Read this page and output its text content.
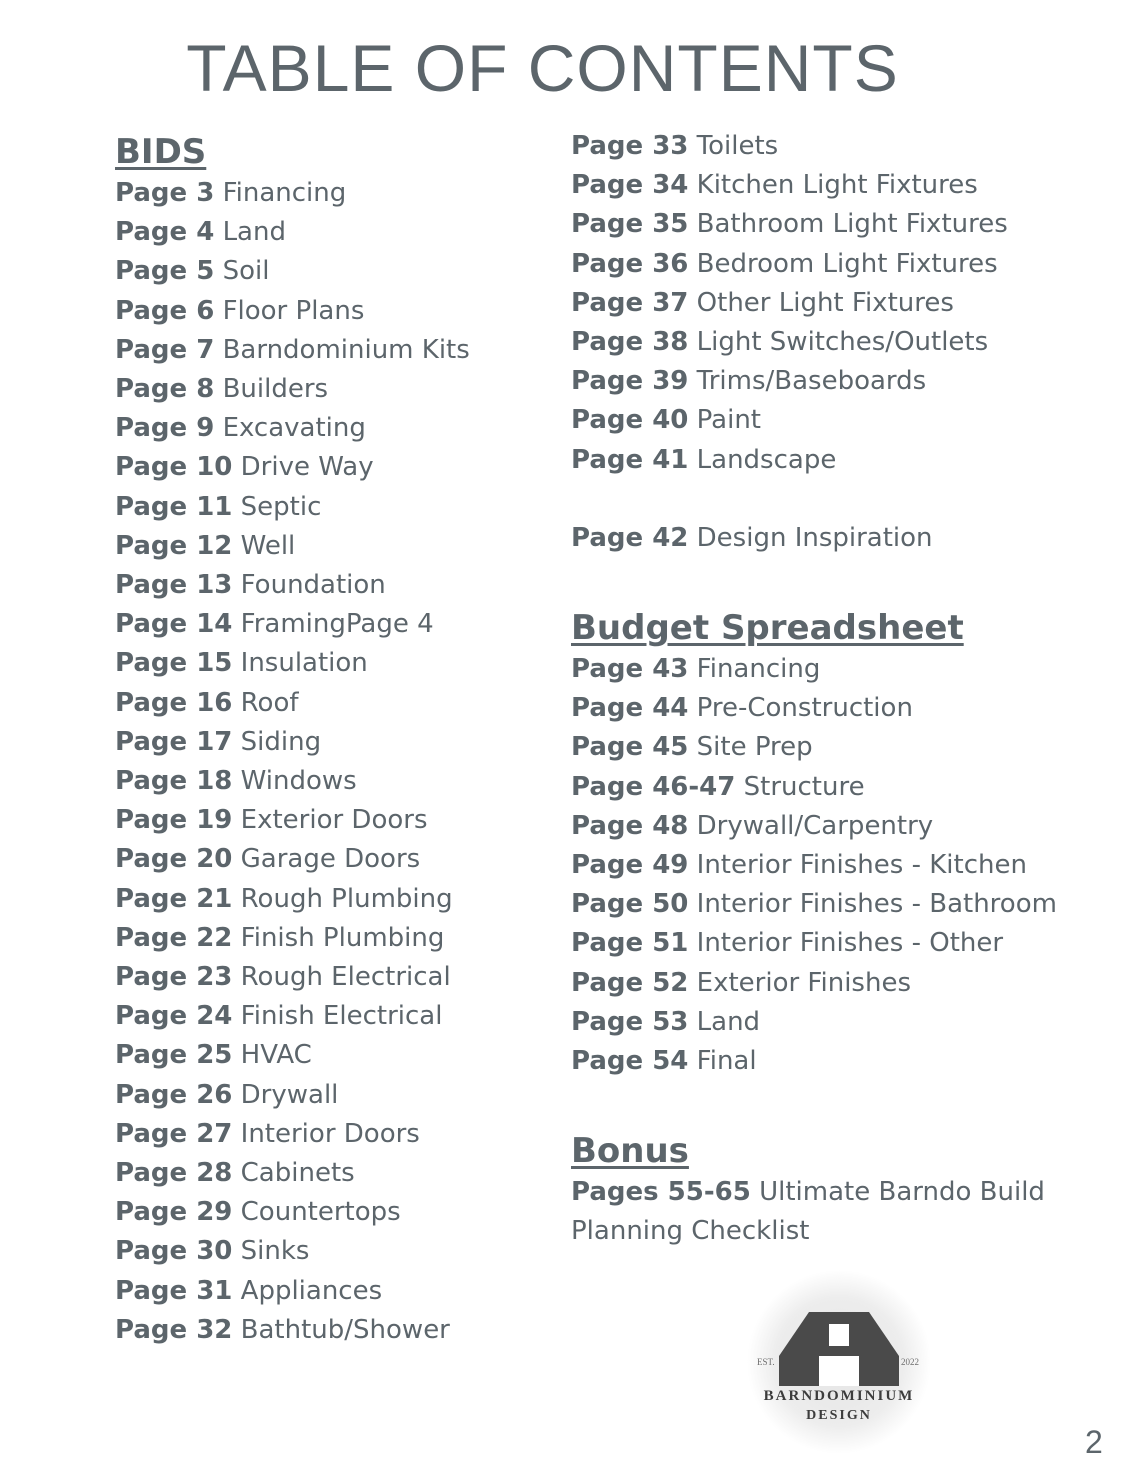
TABLE OF CONTENTS
BIDS
Page 3 Financing
Page 4 Land
Page 5 Soil
Page 6 Floor Plans
Page 7 Barndominium Kits
Page 8 Builders
Page 9 Excavating
Page 10 Drive Way
Page 11 Septic
Page 12 Well
Page 13 Foundation
Page 14 FramingPage 4
Page 15 Insulation
Page 16 Roof
Page 17 Siding
Page 18 Windows
Page 19 Exterior Doors
Page 20 Garage Doors
Page 21 Rough Plumbing
Page 22 Finish Plumbing
Page 23 Rough Electrical
Page 24 Finish Electrical
Page 25 HVAC
Page 26 Drywall
Page 27 Interior Doors
Page 28 Cabinets
Page 29 Countertops
Page 30 Sinks
Page 31 Appliances
Page 32 Bathtub/Shower
Page 33 Toilets
Page 34 Kitchen Light Fixtures
Page 35 Bathroom Light Fixtures
Page 36 Bedroom Light Fixtures
Page 37 Other Light Fixtures
Page 38 Light Switches/Outlets
Page 39 Trims/Baseboards
Page 40 Paint
Page 41 Landscape
Page 42 Design Inspiration
Budget Spreadsheet
Page 43 Financing
Page 44 Pre-Construction
Page 45 Site Prep
Page 46-47 Structure
Page 48 Drywall/Carpentry
Page 49 Interior Finishes - Kitchen
Page 50 Interior Finishes - Bathroom
Page 51 Interior Finishes - Other
Page 52 Exterior Finishes
Page 53 Land
Page 54 Final
Bonus
Pages 55-65 Ultimate Barndo Build
Planning Checklist
EST.	2022
BARNDOMINIUM
DESIGN
2
